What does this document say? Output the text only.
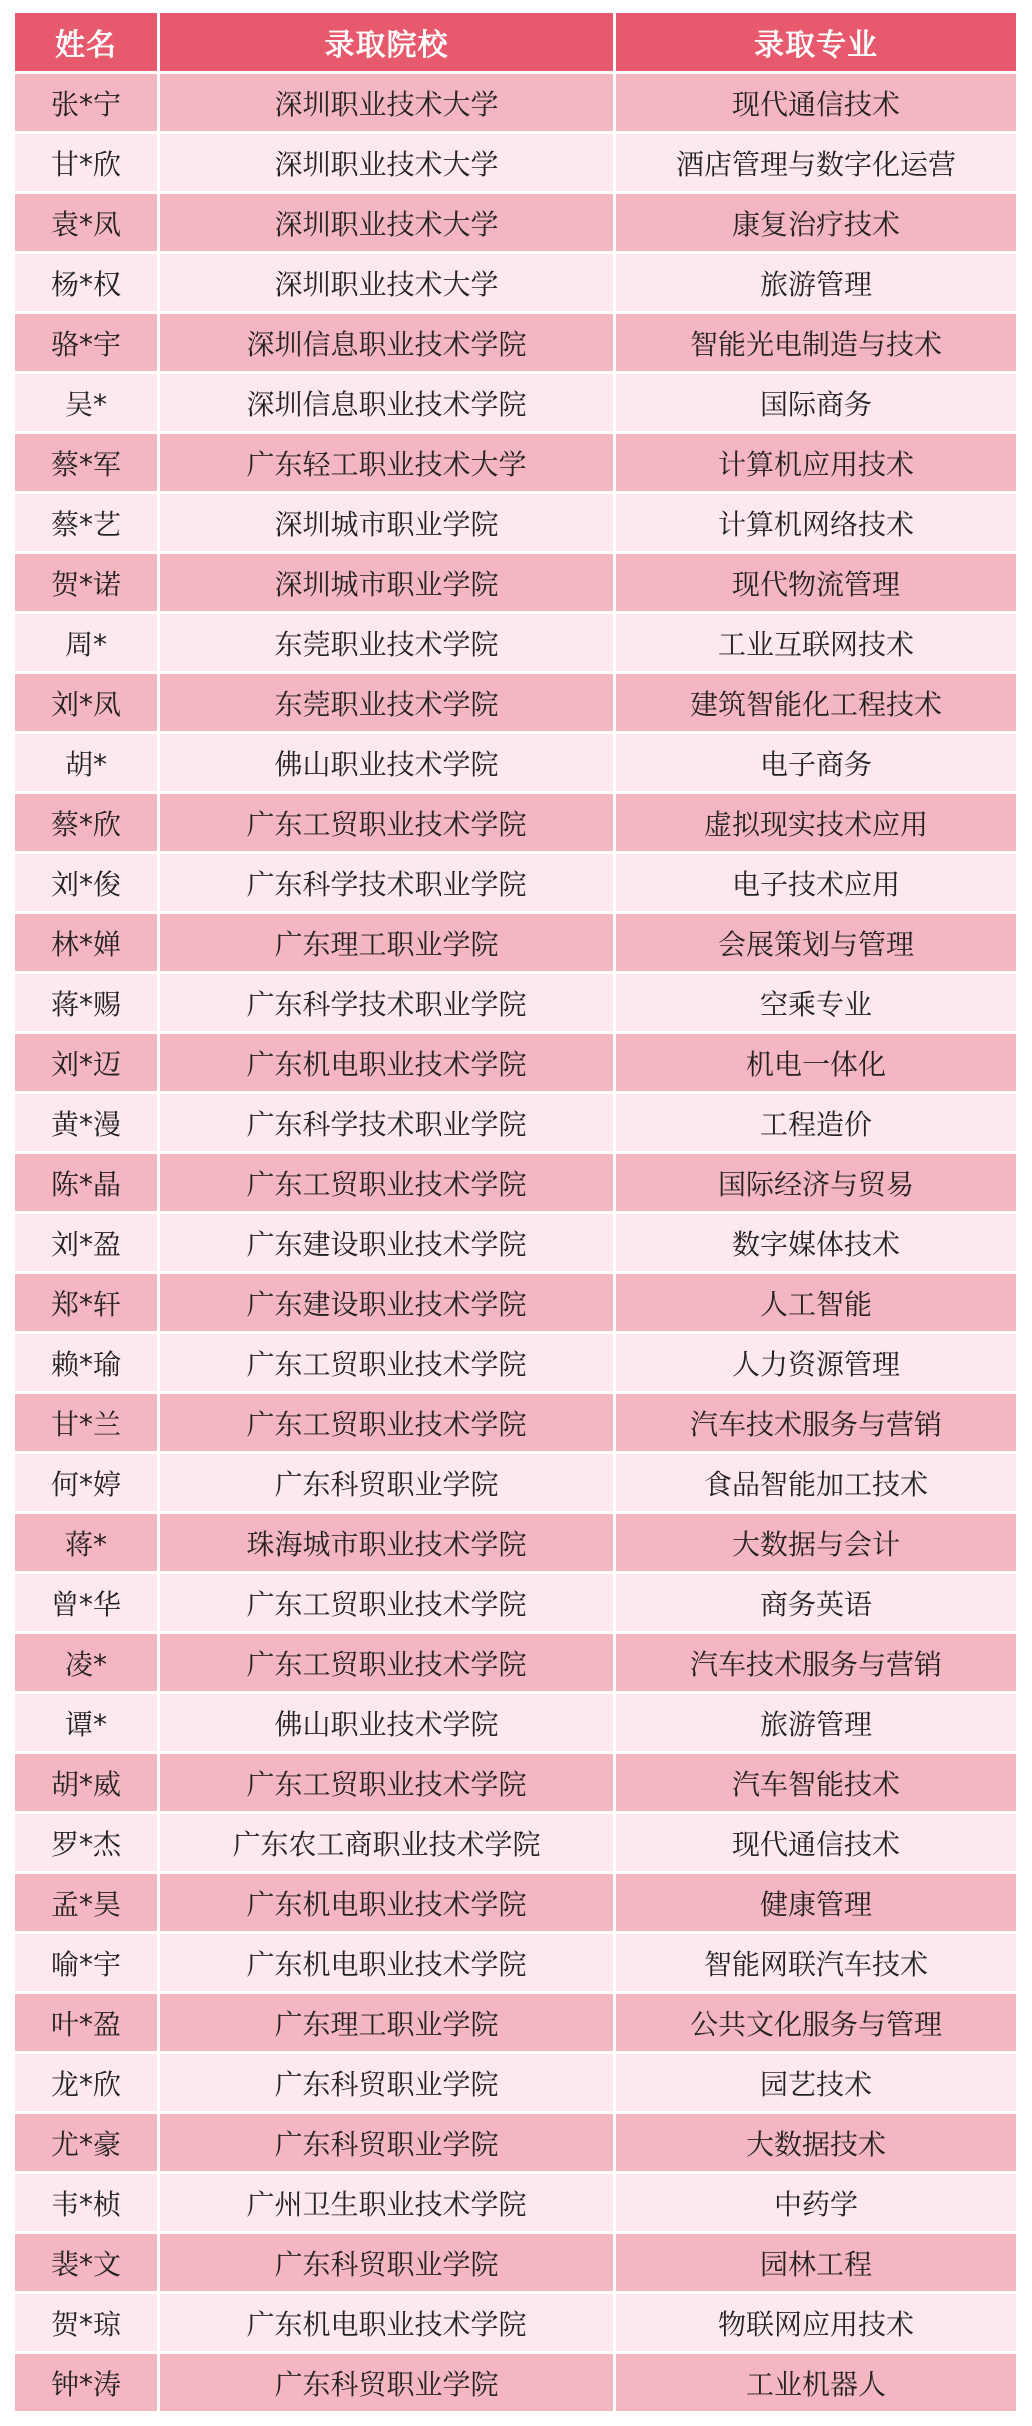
姓名	录取院校	录取专业
张*宁	深圳职业技术大学	现代通信技术
甘*欣	深圳职业技术大学	酒店管理与数字化运营
袁*凤	深圳职业技术大学	康复治疗技术
杨*权	深圳职业技术大学	旅游管理
骆*宇	深圳信息职业技术学院	智能光电制造与技术
吴*	深圳信息职业技术学院	国际商务
蔡*军	广东轻工职业技术大学	计算机应用技术
蔡*艺	深圳城市职业学院	计算机网络技术
贺*诺	深圳城市职业学院	现代物流管理
周*	东莞职业技术学院	工业互联网技术
刘*凤	东莞职业技术学院	建筑智能化工程技术
胡*	佛山职业技术学院	电子商务
蔡*欣	广东工贸职业技术学院	虚拟现实技术应用
刘*俊	广东科学技术职业学院	电子技术应用
林*婵	广东理工职业学院	会展策划与管理
蒋*赐	广东科学技术职业学院	空乘专业
刘*迈	广东机电职业技术学院	机电一体化
黄*漫	广东科学技术职业学院	工程造价
陈*晶	广东工贸职业技术学院	国际经济与贸易
刘*盈	广东建设职业技术学院	数字媒体技术
郑*轩	广东建设职业技术学院	人工智能
赖*瑜	广东工贸职业技术学院	人力资源管理
甘*兰	广东工贸职业技术学院	汽车技术服务与营销
何*婷	广东科贸职业学院	食品智能加工技术
蒋*	珠海城市职业技术学院	大数据与会计
曾*华	广东工贸职业技术学院	商务英语
凌*	广东工贸职业技术学院	汽车技术服务与营销
谭*	佛山职业技术学院	旅游管理
胡*威	广东工贸职业技术学院	汽车智能技术
罗*杰	广东农工商职业技术学院	现代通信技术
孟*昊	广东机电职业技术学院	健康管理
喻*宇	广东机电职业技术学院	智能网联汽车技术
叶*盈	广东理工职业学院	公共文化服务与管理
龙*欣	广东科贸职业学院	园艺技术
尤*豪	广东科贸职业学院	大数据技术
韦*桢	广州卫生职业技术学院	中药学
裴*文	广东科贸职业学院	园林工程
贺*琼	广东机电职业技术学院	物联网应用技术
钟*涛	广东科贸职业学院	工业机器人
